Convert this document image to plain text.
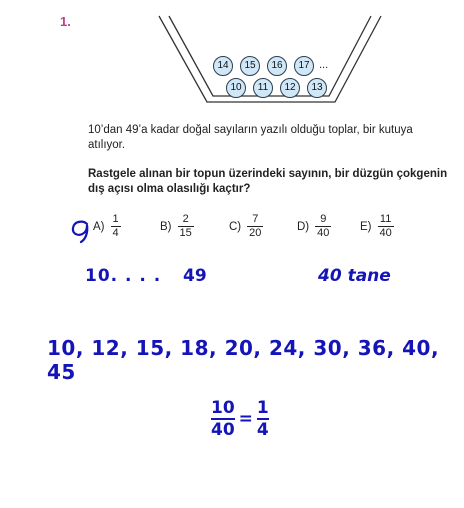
1.
14	15	16	17 ...
10	11	12	13
10’dan 49’a kadar doğal sayıların yazılı olduğu toplar, bir kutuya atılıyor.
Rastgele alınan bir topun üzerindeki sayının, bir düzgün çokgenin dış açısı olma olasılığı kaçtır?
$A) \frac{1}{4}$	$B) \frac{2}{15}$	$C) \frac{7}{20}$	$D) \frac{9}{40} E) \frac{11}{40}$
10. . . . 49	40 tane
10, 12, 15, 18, 20, 24, 30, 36, 40, 45
$\frac{10}{40} = \frac{1}{4}$
